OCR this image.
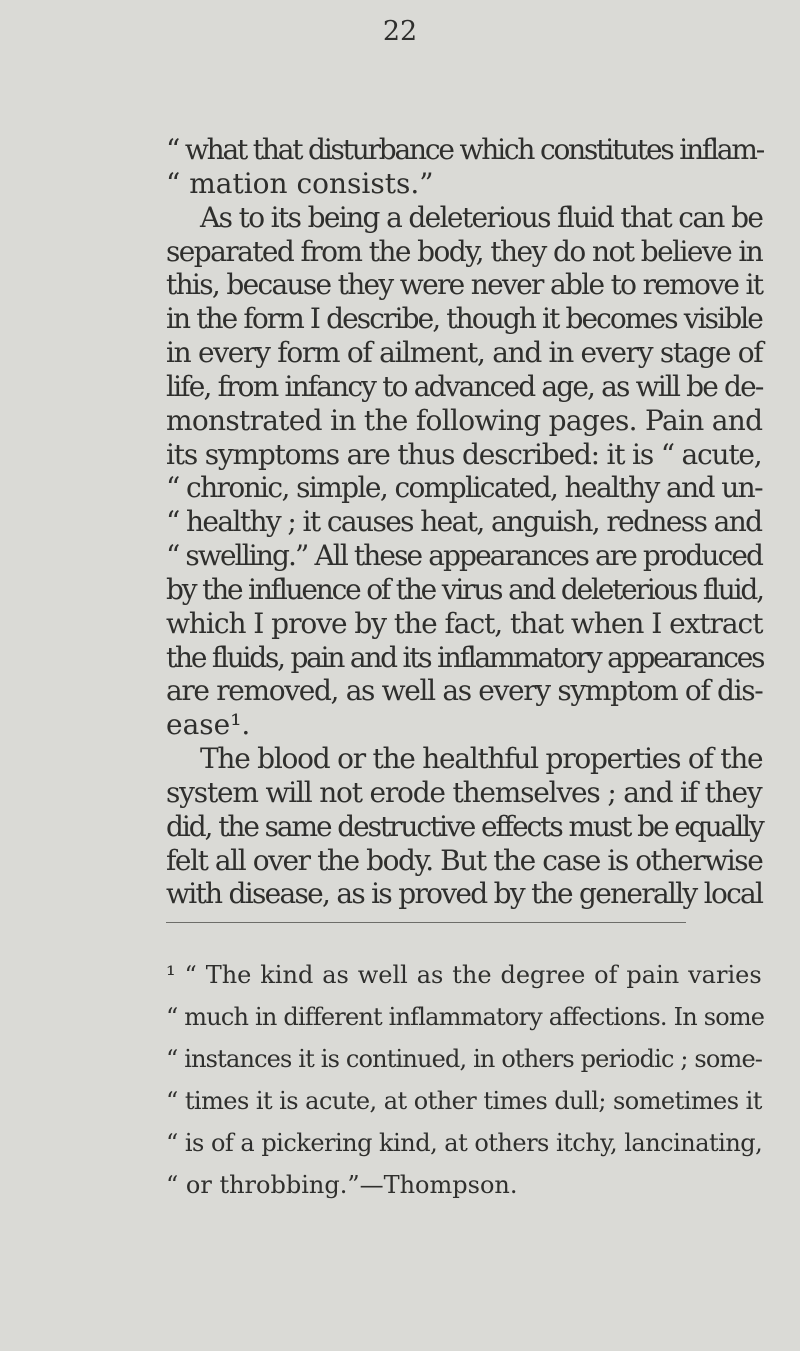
22
“ what that disturbance which constitutes inflam-
“ mation consists.”
As to its being a deleterious fluid that can be
separated from the body, they do not believe in
this, because they were never able to remove it
in the form I describe, though it becomes visible
in every form of ailment, and in every stage of
life, from infancy to advanced age, as will be de-
monstrated in the following pages. Pain and
its symptoms are thus described: it is “ acute,
“ chronic, simple, complicated, healthy and un-
“ healthy ; it causes heat, anguish, redness and
“ swelling.” All these appearances are produced
by the influence of the virus and deleterious fluid,
which I prove by the fact, that when I extract
the fluids, pain and its inflammatory appearances
are removed, as well as every symptom of dis-
ease¹.
The blood or the healthful properties of the
system will not erode themselves ; and if they
did, the same destructive effects must be equally
felt all over the body. But the case is otherwise
with disease, as is proved by the generally local
¹ “ The kind as well as the degree of pain varies
“ much in different inflammatory affections. In some
“ instances it is continued, in others periodic ; some-
“ times it is acute, at other times dull; sometimes it
“ is of a pickering kind, at others itchy, lancinating,
“ or throbbing.”—Thompson.
